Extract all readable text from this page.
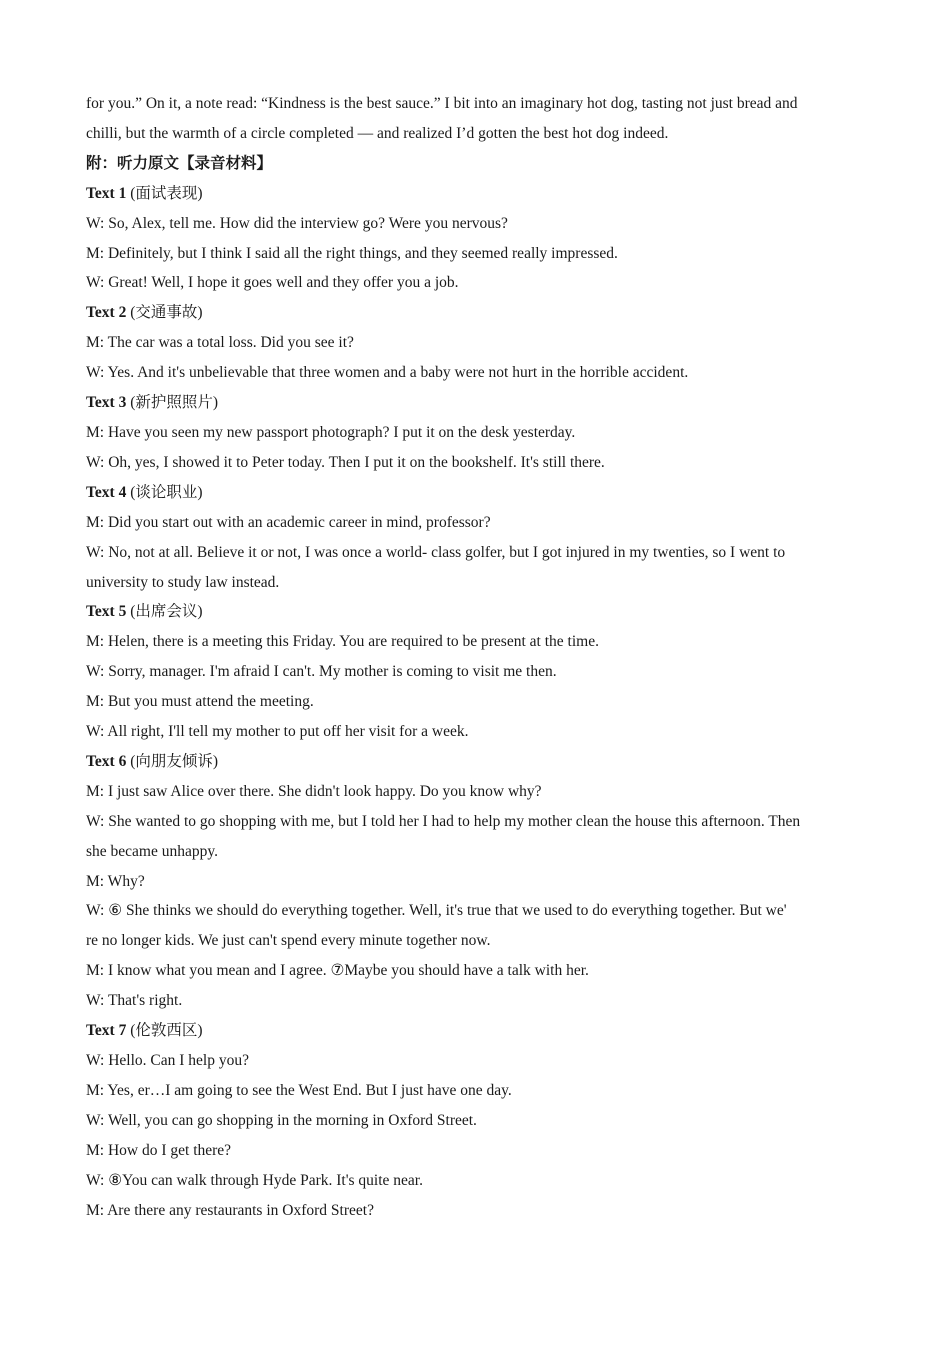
for you.” On it, a note read: “Kindness is the best sauce.” I bit into an imaginary hot dog, tasting not just bread and

chilli, but the warmth of a circle completed — and realized I’d gotten the best hot dog indeed.

附：听力原文【录音材料】

Text 1 (面试表现)

W: So, Alex, tell me. How did the interview go? Were you nervous?

M: Definitely, but I think I said all the right things, and they seemed really impressed.

W: Great! Well, I hope it goes well and they offer you a job.

Text 2 (交通事故)

M: The car was a total loss. Did you see it?

W: Yes. And it's unbelievable that three women and a baby were not hurt in the horrible accident.

Text 3 (新护照照片)

M: Have you seen my new passport photograph? I put it on the desk yesterday.

W: Oh, yes, I showed it to Peter today. Then I put it on the bookshelf. It's still there.

Text 4 (谈论职业)

M: Did you start out with an academic career in mind, professor?

W: No, not at all. Believe it or not, I was once a world- class golfer, but I got injured in my twenties, so I went to

university to study law instead.

Text 5 (出席会议)

M: Helen, there is a meeting this Friday. You are required to be present at the time.

W: Sorry, manager. I'm afraid I can't. My mother is coming to visit me then.

M: But you must attend the meeting.

W: All right, I'll tell my mother to put off her visit for a week.

Text 6 (向朋友倾诉)

M: I just saw Alice over there. She didn't look happy. Do you know why?

W: She wanted to go shopping with me, but I told her I had to help my mother clean the house this afternoon. Then

she became unhappy.

M: Why?

W: ⑥ She thinks we should do everything together. Well, it's true that we used to do everything together. But we'

re no longer kids. We just can't spend every minute together now.

M: I know what you mean and I agree. ⑦Maybe you should have a talk with her.

W: That's right.

Text 7 (伦敦西区)

W: Hello. Can I help you?

M: Yes, er…I am going to see the West End. But I just have one day.

W: Well, you can go shopping in the morning in Oxford Street.

M: How do I get there?

W: ⑧You can walk through Hyde Park. It's quite near.

M: Are there any restaurants in Oxford Street?
